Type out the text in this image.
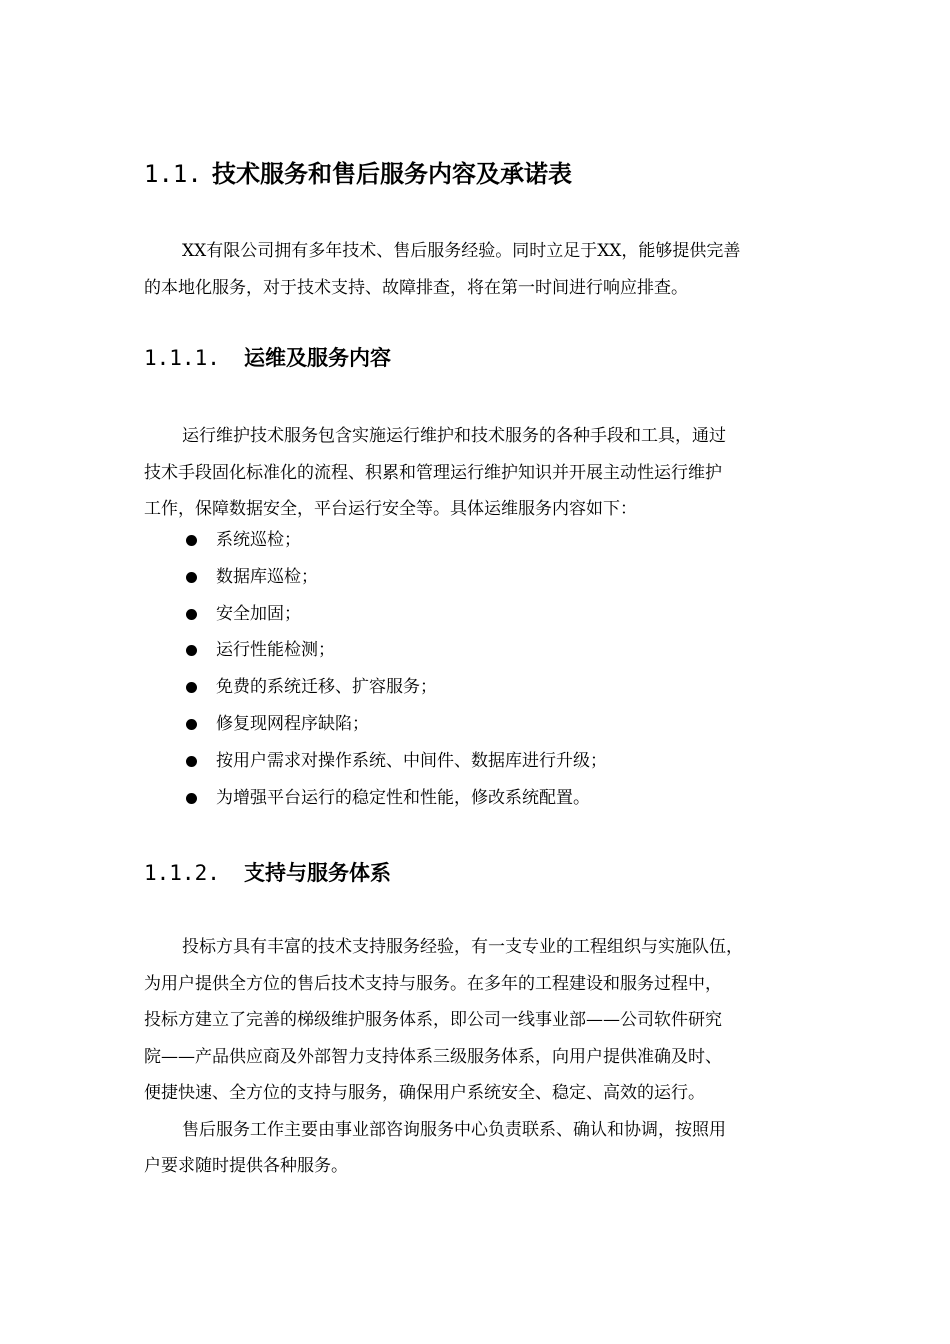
1.1. 技术服务和售后服务内容及承诺表

XX有限公司拥有多年技术、售后服务经验。同时立足于XX，能够提供完善
的本地化服务，对于技术支持、故障排查，将在第一时间进行响应排查。

1.1.1. 运维及服务内容

运行维护技术服务包含实施运行维护和技术服务的各种手段和工具，通过
技术手段固化标准化的流程、积累和管理运行维护知识并开展主动性运行维护
工作，保障数据安全，平台运行安全等。具体运维服务内容如下：

系统巡检；
数据库巡检；
安全加固；
运行性能检测；
免费的系统迁移、扩容服务；
修复现网程序缺陷；
按用户需求对操作系统、中间件、数据库进行升级；
为增强平台运行的稳定性和性能，修改系统配置。
1.1.2. 支持与服务体系

投标方具有丰富的技术支持服务经验，有一支专业的工程组织与实施队伍，
为用户提供全方位的售后技术支持与服务。在多年的工程建设和服务过程中，
投标方建立了完善的梯级维护服务体系，即公司一线事业部——公司软件研究
院——产品供应商及外部智力支持体系三级服务体系，向用户提供准确及时、
便捷快速、全方位的支持与服务，确保用户系统安全、稳定、高效的运行。
售后服务工作主要由事业部咨询服务中心负责联系、确认和协调，按照用
户要求随时提供各种服务。
